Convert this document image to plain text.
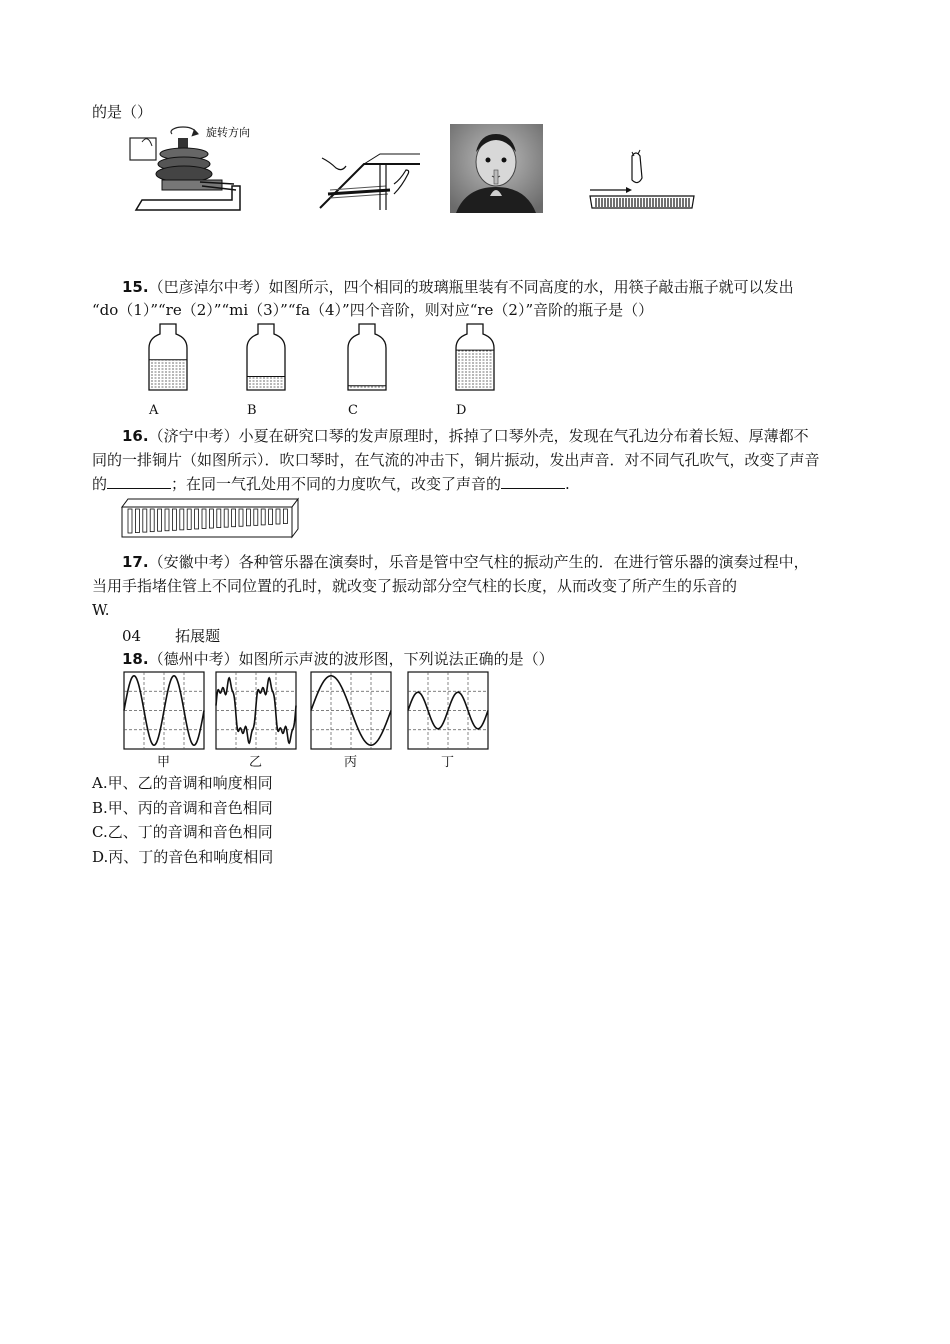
的是（）
旋转方向
15.（巴彦淖尔中考）如图所示，四个相同的玻璃瓶里装有不同高度的水，用筷子敲击瓶子就可以发出
“do（1）”“re（2）”“mi（3）”“fa（4）”四个音阶，则对应“re（2）”音阶的瓶子是（）
A	B	C	D
16.（济宁中考）小夏在研究口琴的发声原理时，拆掉了口琴外壳，发现在气孔边分布着长短、厚薄都不
同的一排铜片（如图所示）．吹口琴时，在气流的冲击下，铜片振动，发出声音．对不同气孔吹气，改变了声音
的	；在同一气孔处用不同的力度吹气，改变了声音的	.
17.（安徽中考）各种管乐器在演奏时，乐音是管中空气柱的振动产生的．在进行管乐器的演奏过程中，
当用手指堵住管上不同位置的孔时，就改变了振动部分空气柱的长度，从而改变了所产生的乐音的
W.
04 拓展题
18.（德州中考）如图所示声波的波形图，下列说法正确的是（）
甲	乙	丙	丁
A.甲、乙的音调和响度相同
B.甲、丙的音调和音色相同
C.乙、丁的音调和音色相同
D.丙、丁的音色和响度相同
